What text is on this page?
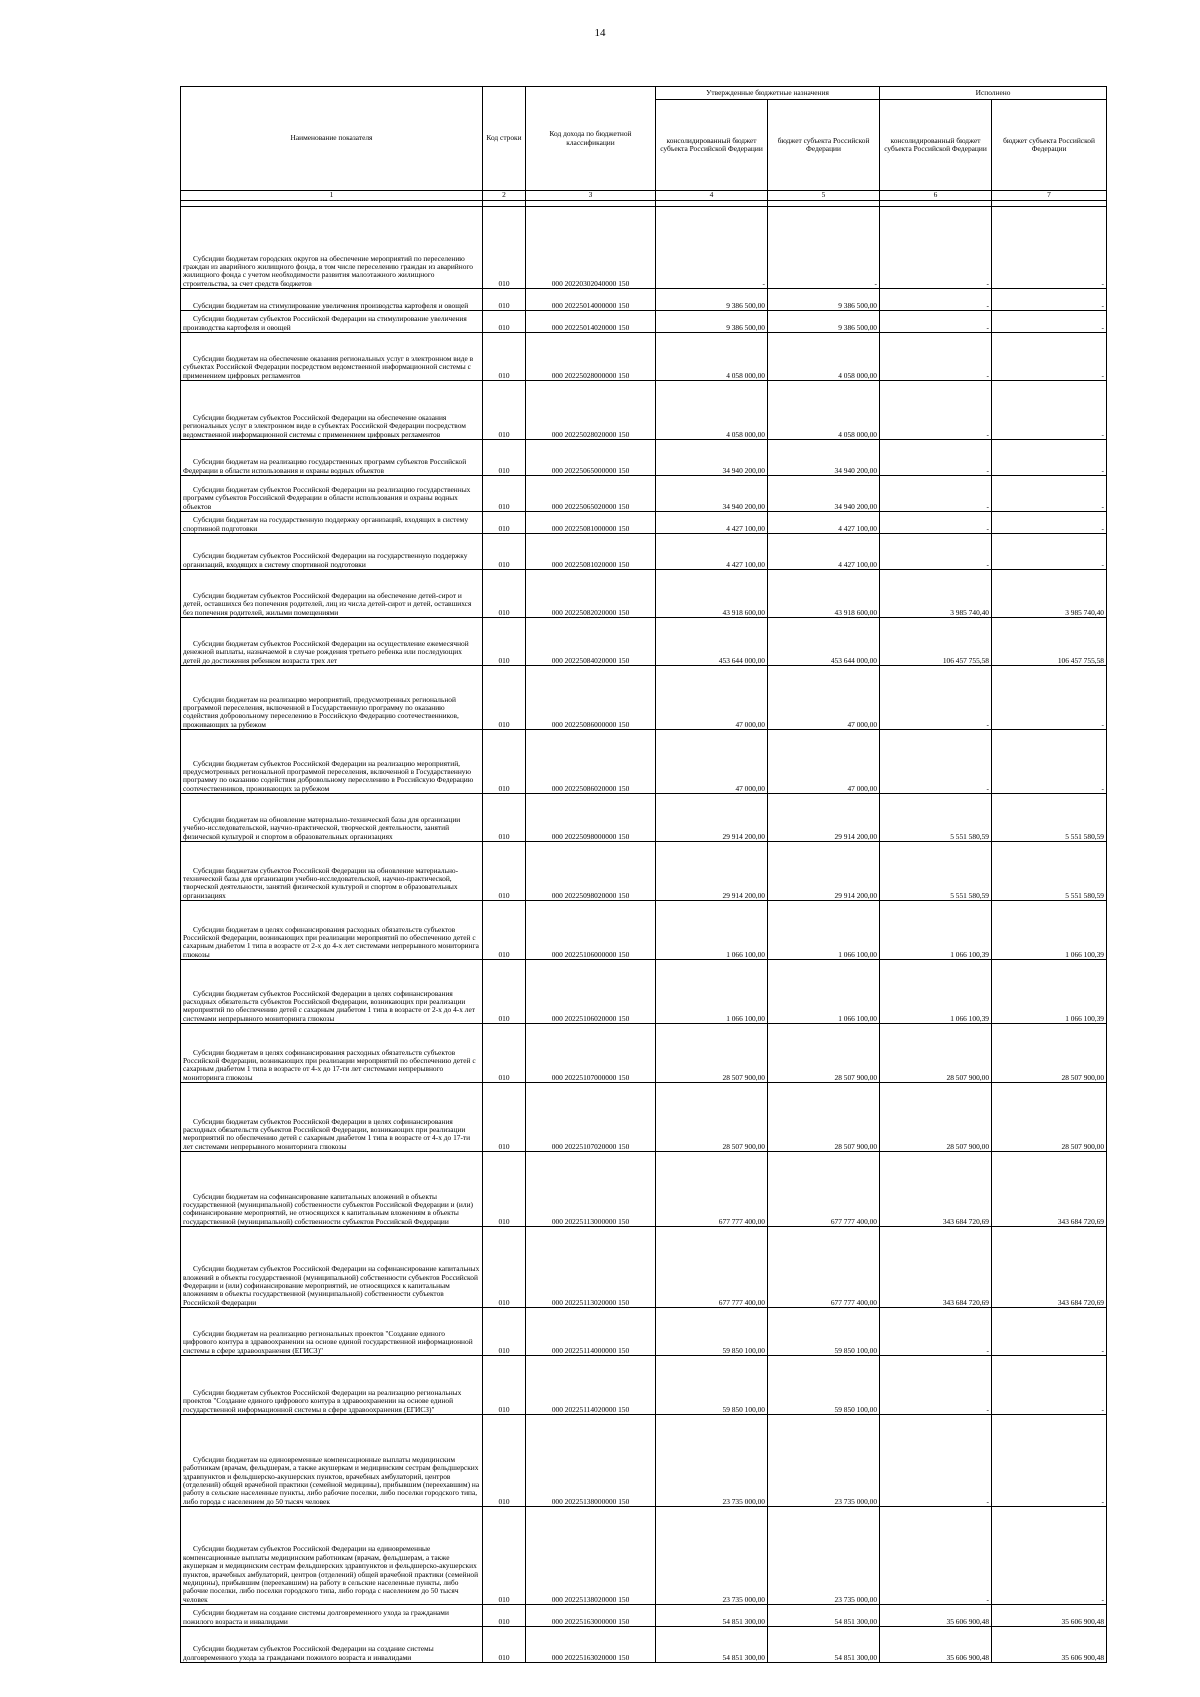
14
Наименование показателя	Код строки	Код дохода по бюджетной классификации	Утвержденные бюджетные назначения		Исполнено	
			консолидированный бюджет субъекта Российской Федерации	бюджет субъекта Российской Федерации	консолидированный бюджет субъекта Российской Федерации	бюджет субъекта Российской Федерации
1	2	3	4	5	6	7

Субсидии бюджетам городских округов на обеспечение мероприятий по переселению граждан из аварийного жилищного фонда, в том числе переселению граждан из аварийного жилищного фонда с учетом необходимости развития малоэтажного жилищного строительства, за счет средств бюджетов	010	000 20220302040000 150	-	-	-	-

Субсидии бюджетам на стимулирование увеличения производства картофеля и овощей	010	000 20225014000000 150	9 386 500,00	9 386 500,00	-	-

Субсидии бюджетам субъектов Российской Федерации на стимулирование увеличения производства картофеля и овощей	010	000 20225014020000 150	9 386 500,00	9 386 500,00	-	-

Субсидии бюджетам на обеспечение оказания региональных услуг в электронном виде в субъектах Российской Федерации посредством ведомственной информационной системы с применением цифровых регламентов	010	000 20225028000000 150	4 058 000,00	4 058 000,00	-	-

Субсидии бюджетам субъектов Российской Федерации на обеспечение оказания региональных услуг в электронном виде в субъектах Российской Федерации посредством ведомственной информационной системы с применением цифровых регламентов	010	000 20225028020000 150	4 058 000,00	4 058 000,00	-	-

Субсидии бюджетам на реализацию государственных программ субъектов Российской Федерации в области использования и охраны водных объектов	010	000 20225065000000 150	34 940 200,00	34 940 200,00	-	-

Субсидии бюджетам субъектов Российской Федерации на реализацию государственных программ субъектов Российской Федерации в области использования и охраны водных объектов	010	000 20225065020000 150	34 940 200,00	34 940 200,00	-	-

Субсидии бюджетам на государственную поддержку организаций, входящих в систему спортивной подготовки	010	000 20225081000000 150	4 427 100,00	4 427 100,00	-	-

Субсидии бюджетам субъектов Российской Федерации на государственную поддержку организаций, входящих в систему спортивной подготовки	010	000 20225081020000 150	4 427 100,00	4 427 100,00	-	-

Субсидии бюджетам субъектов Российской Федерации на обеспечение детей-сирот и детей, оставшихся без попечения родителей, лиц из числа детей-сирот и детей, оставшихся без попечения родителей, жилыми помещениями	010	000 20225082020000 150	43 918 600,00	43 918 600,00	3 985 740,40	3 985 740,40

Субсидии бюджетам субъектов Российской Федерации на осуществление ежемесячной денежной выплаты, назначаемой в случае рождения третьего ребенка или последующих детей до достижения ребенком возраста трех лет	010	000 20225084020000 150	453 644 000,00	453 644 000,00	106 457 755,58	106 457 755,58

Субсидии бюджетам на реализацию мероприятий, предусмотренных региональной программой переселения, включенной в Государственную программу по оказанию содействия добровольному переселению в Российскую Федерацию соотечественников, проживающих за рубежом	010	000 20225086000000 150	47 000,00	47 000,00	-	-

Субсидии бюджетам субъектов Российской Федерации на реализацию мероприятий, предусмотренных региональной программой переселения, включенной в Государственную программу по оказанию содействия добровольному переселению в Российскую Федерацию соотечественников, проживающих за рубежом	010	000 20225086020000 150	47 000,00	47 000,00	-	-

Субсидии бюджетам на обновление материально-технической базы для организации учебно-исследовательской, научно-практической, творческой деятельности, занятий физической культурой и спортом в образовательных организациях	010	000 20225098000000 150	29 914 200,00	29 914 200,00	5 551 580,59	5 551 580,59

Субсидии бюджетам субъектов Российской Федерации на обновление материально-технической базы для организации учебно-исследовательской, научно-практической, творческой деятельности, занятий физической культурой и спортом в образовательных организациях	010	000 20225098020000 150	29 914 200,00	29 914 200,00	5 551 580,59	5 551 580,59

Субсидии бюджетам в целях софинансирования расходных обязательств субъектов Российской Федерации, возникающих при реализации мероприятий по обеспечению детей с сахарным диабетом 1 типа в возрасте от 2-х до 4-х лет системами непрерывного мониторинга глюкозы	010	000 20225106000000 150	1 066 100,00	1 066 100,00	1 066 100,39	1 066 100,39

Субсидии бюджетам субъектов Российской Федерации в целях софинансирования расходных обязательств субъектов Российской Федерации, возникающих при реализации мероприятий по обеспечению детей с сахарным диабетом 1 типа в возрасте от 2-х до 4-х лет системами непрерывного мониторинга глюкозы	010	000 20225106020000 150	1 066 100,00	1 066 100,00	1 066 100,39	1 066 100,39

Субсидии бюджетам в целях софинансирования расходных обязательств субъектов Российской Федерации, возникающих при реализации мероприятий по обеспечению детей с сахарным диабетом 1 типа в возрасте от 4-х до 17-ти лет системами непрерывного мониторинга глюкозы	010	000 20225107000000 150	28 507 900,00	28 507 900,00	28 507 900,00	28 507 900,00

Субсидии бюджетам субъектов Российской Федерации в целях софинансирования расходных обязательств субъектов Российской Федерации, возникающих при реализации мероприятий по обеспечению детей с сахарным диабетом 1 типа в возрасте от 4-х до 17-ти лет системами непрерывного мониторинга глюкозы	010	000 20225107020000 150	28 507 900,00	28 507 900,00	28 507 900,00	28 507 900,00

Субсидии бюджетам на софинансирование капитальных вложений в объекты государственной (муниципальной) собственности субъектов Российской Федерации и (или) софинансирование мероприятий, не относящихся к капитальным вложениям в объекты государственной (муниципальной) собственности субъектов Российской Федерации	010	000 20225113000000 150	677 777 400,00	677 777 400,00	343 684 720,69	343 684 720,69

Субсидии бюджетам субъектов Российской Федерации на софинансирование капитальных вложений в объекты государственной (муниципальной) собственности субъектов Российской Федерации и (или) софинансирование мероприятий, не относящихся к капитальным вложениям в объекты государственной (муниципальной) собственности субъектов Российской Федерации	010	000 20225113020000 150	677 777 400,00	677 777 400,00	343 684 720,69	343 684 720,69

Субсидии бюджетам на реализацию региональных проектов "Создание единого цифрового контура в здравоохранении на основе единой государственной информационной системы в сфере здравоохранения (ЕГИСЗ)"	010	000 20225114000000 150	59 850 100,00	59 850 100,00	-	-

Субсидии бюджетам субъектов Российской Федерации на реализацию региональных проектов "Создание единого цифрового контура в здравоохранении на основе единой государственной информационной системы в сфере здравоохранения (ЕГИСЗ)"	010	000 20225114020000 150	59 850 100,00	59 850 100,00	-	-

Субсидии бюджетам на единовременные компенсационные выплаты медицинским работникам (врачам, фельдшерам, а также акушеркам и медицинским сестрам фельдшерских здравпунктов и фельдшерско-акушерских пунктов, врачебных амбулаторий, центров (отделений) общей врачебной практики (семейной медицины), прибывшим (переехавшим) на работу в сельские населенные пункты, либо рабочие поселки, либо поселки городского типа, либо города с населением до 50 тысяч человек	010	000 20225138000000 150	23 735 000,00	23 735 000,00	-	-

Субсидии бюджетам субъектов Российской Федерации на единовременные компенсационные выплаты медицинским работникам (врачам, фельдшерам, а также акушеркам и медицинским сестрам фельдшерских здравпунктов и фельдшерско-акушерских пунктов, врачебных амбулаторий, центров (отделений) общей врачебной практики (семейной медицины), прибывшим (переехавшим) на работу в сельские населенные пункты, либо рабочие поселки, либо поселки городского типа, либо города с населением до 50 тысяч человек	010	000 20225138020000 150	23 735 000,00	23 735 000,00	-	-

Субсидии бюджетам на создание системы долговременного ухода за гражданами пожилого возраста и инвалидами	010	000 20225163000000 150	54 851 300,00	54 851 300,00	35 606 900,48	35 606 900,48

Субсидии бюджетам субъектов Российской Федерации на создание системы долговременного ухода за гражданами пожилого возраста и инвалидами	010	000 20225163020000 150	54 851 300,00	54 851 300,00	35 606 900,48	35 606 900,48
